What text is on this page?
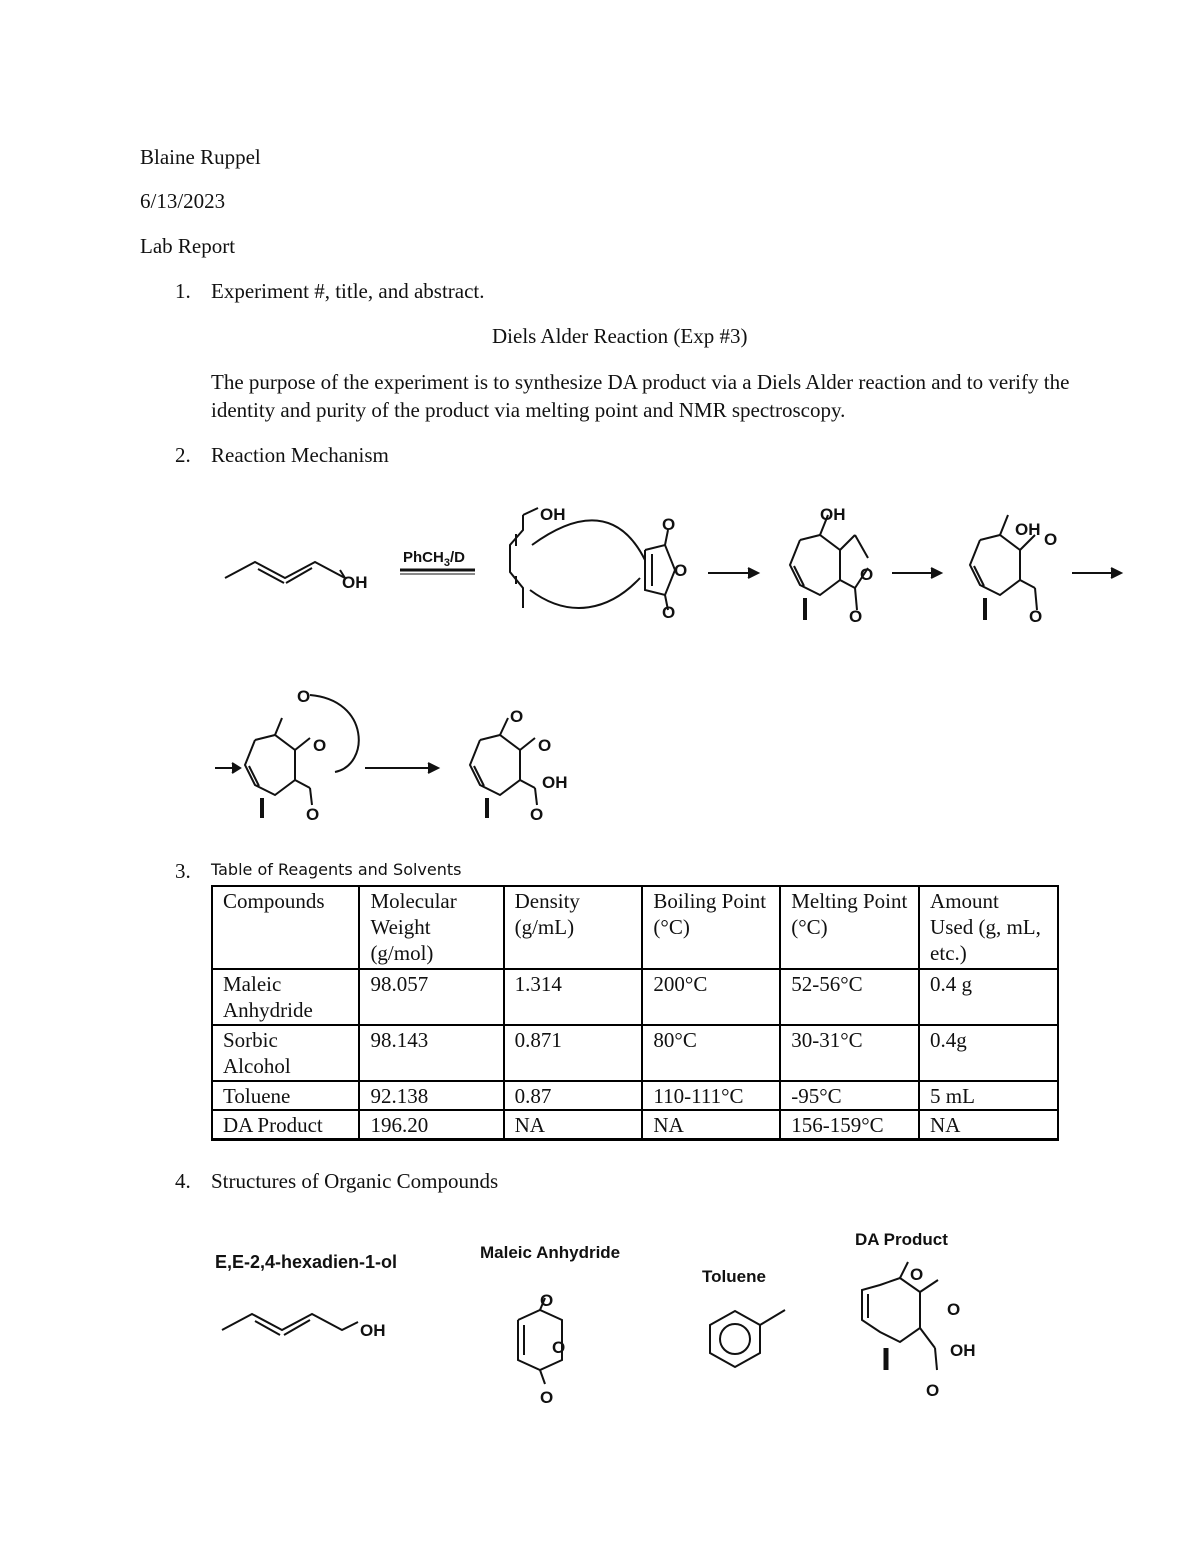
Blaine Ruppel
6/13/2023
Lab Report
1. Experiment #, title, and abstract.
Diels Alder Reaction (Exp #3)
The purpose of the experiment is to synthesize DA product via a Diels Alder reaction and to verify the identity and purity of the product via melting point and NMR spectroscopy.
2. Reaction Mechanism
OH
PhCH$_3$/D
OH
O
O
O
OH
O
O
OH
O
O
O
O
O
O
O
OH
O
3. Table of Reagents and Solvents
Compounds	Molecular Weight (g/mol)	Density (g/mL)	Boiling Point (°C)	Melting Point (°C)	Amount Used (g, mL, etc.)
Maleic Anhydride	98.057	1.314	200°C	52-56°C	0.4 g
Sorbic Alcohol	98.143	0.871	80°C	30-31°C	0.4g
Toluene	92.138	0.87	110-111°C	-95°C	5 mL
DA Product	196.20	NA	NA	156-159°C	NA
4. Structures of Organic Compounds
E,E-2,4-hexadien-1-ol	Maleic Anhydride
Toluene
DA Product
OH
O
O
O
O
O
OH
O
